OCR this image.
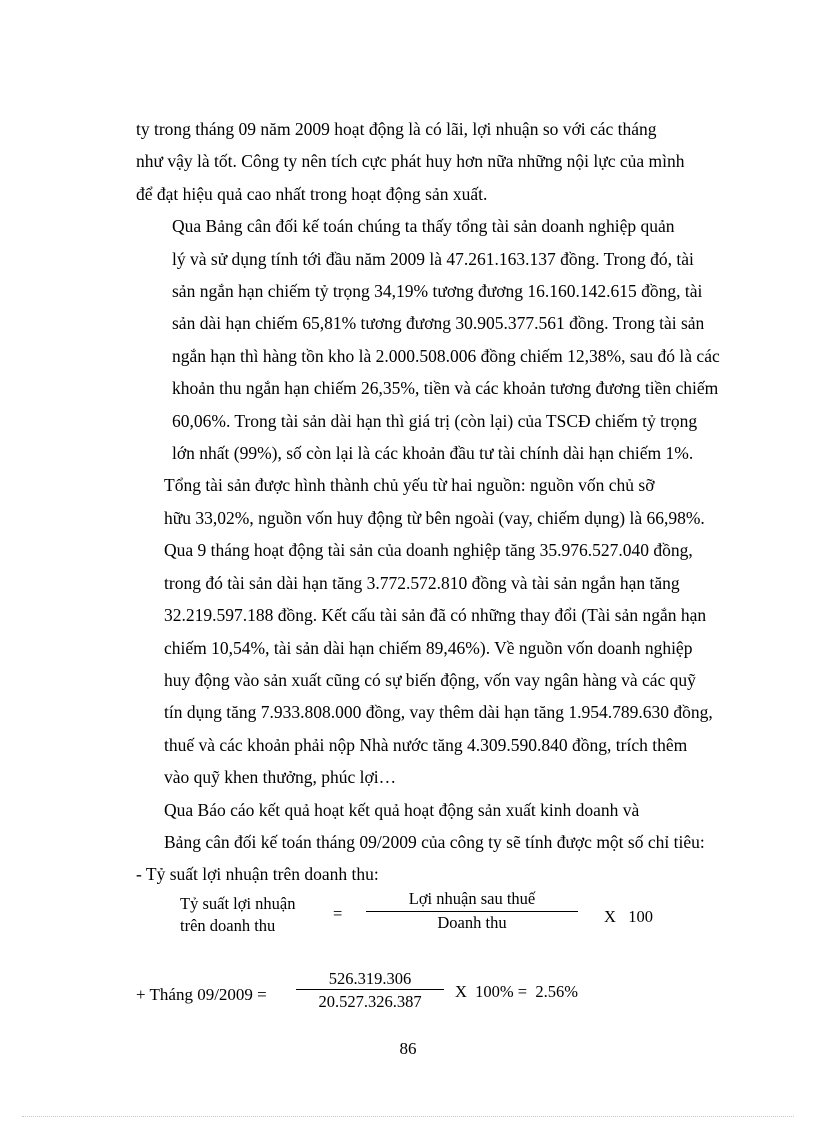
ty trong tháng 09 năm 2009 hoạt động là có lãi, lợi nhuận so với các tháng
như vậy là tốt. Công ty nên tích cực phát huy hơn nữa những nội lực của mình
để đạt hiệu quả cao nhất trong hoạt động sản xuất.

Qua Bảng cân đối kế toán chúng ta thấy tổng tài sản doanh nghiệp quản
lý và sử dụng tính tới đầu năm 2009 là 47.261.163.137 đồng. Trong đó, tài
sản ngắn hạn chiếm tỷ trọng 34,19% tương đương 16.160.142.615 đồng, tài
sản dài hạn chiếm 65,81% tương đương 30.905.377.561 đồng. Trong tài sản
ngắn hạn thì hàng tồn kho là 2.000.508.006 đồng chiếm 12,38%, sau đó là các
khoản thu ngắn hạn chiếm 26,35%, tiền và các khoản tương đương tiền chiếm
60,06%. Trong tài sản dài hạn thì giá trị (còn lại) của TSCĐ chiếm tỷ trọng
lớn nhất (99%), số còn lại là các khoản đầu tư tài chính dài hạn chiếm 1%.

Tổng tài sản được hình thành chủ yếu từ hai nguồn: nguồn vốn chủ sỡ
hữu 33,02%, nguồn vốn huy động từ bên ngoài (vay, chiếm dụng) là 66,98%.
Qua 9 tháng hoạt động tài sản của doanh nghiệp tăng 35.976.527.040 đồng,
trong đó tài sản dài hạn tăng 3.772.572.810 đồng và tài sản ngắn hạn tăng
32.219.597.188 đồng. Kết cấu tài sản đã có những thay đổi (Tài sản ngắn hạn
chiếm 10,54%, tài sản dài hạn chiếm 89,46%). Về nguồn vốn doanh nghiệp
huy động vào sản xuất cũng có sự biến động, vốn vay ngân hàng và các quỹ
tín dụng tăng 7.933.808.000 đồng, vay thêm dài hạn tăng 1.954.789.630 đồng,
thuế và các khoản phải nộp Nhà nước tăng 4.309.590.840 đồng, trích thêm
vào quỹ khen thưởng, phúc lợi…

Qua Báo cáo kết quả hoạt kết quả hoạt động sản xuất kinh doanh và
Bảng cân đối kế toán tháng 09/2009 của công ty sẽ tính được một số chỉ tiêu:

- Tỷ suất lợi nhuận trên doanh thu:

Tỷ suất lợi nhuận
trên doanh thu
=
Lợi nhuận sau thuế
Doanh thu	X   100
+ Tháng 09/2009 =
526.319.306
20.527.326.387
X  100% =  2.56%
86
